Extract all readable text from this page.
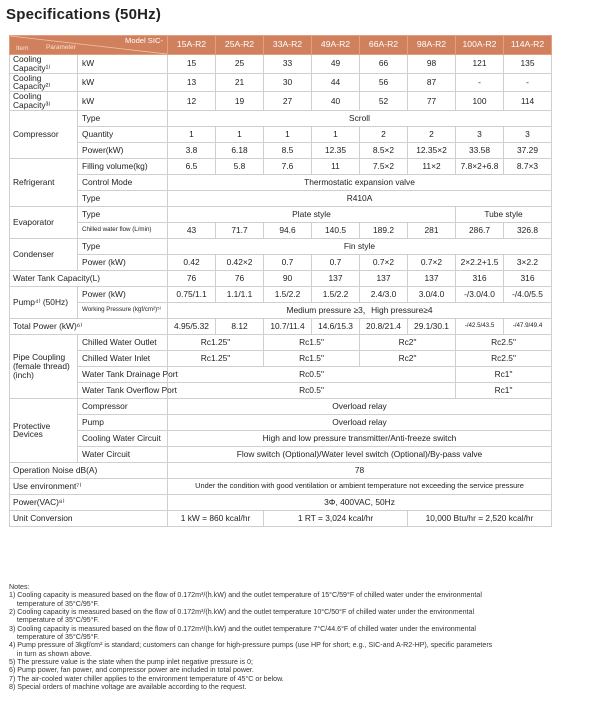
Specifications (50Hz)
Model SIC-
Parameter
Item		15A-R2	25A-R2	33A-R2	49A-R2	66A-R2	98A-R2	100A-R2	114A-R2
Cooling Capacity¹⁾	kW	15	25	33	49	66	98	121	135
Cooling Capacity²⁾	kW	13	21	30	44	56	87	-	-
Cooling Capacity³⁾	kW	12	19	27	40	52	77	100	114
Compressor	Type	Scroll							
	Quantity	1	1	1	1	2	2	3	3
	Power(kW)	3.8	6.18	8.5	12.35	8.5×2	12.35×2	33.58	37.29
Refrigerant	Filling volume(kg)	6.5	5.8	7.6	11	7.5×2	11×2	7.8×2+6.8	8.7×3
	Control Mode	Thermostatic expansion valve							
	Type	R410A							
Evaporator	Type	Plate style						Tube style	
	Chilled water flow (L/min)	43	71.7	94.6	140.5	189.2	281	286.7	326.8
Condenser	Type	Fin style							
	Power (kW)	0.42	0.42×2	0.7	0.7	0.7×2	0.7×2	2×2.2+1.5	3×2.2
Water Tank Capacity(L)		76	76	90	137	137	137	316	316
Pump⁴⁾ (50Hz)	Power (kW)	0.75/1.1	1.1/1.1	1.5/2.2	1.5/2.2	2.4/3.0	3.0/4.0	-/3.0/4.0	-/4.0/5.5
	Working Pressure (kgf/cm²)⁵⁾	Medium pressure ≥3，High pressure≥4							
Total Power (kW)⁶⁾		4.95/5.32	8.12	10.7/11.4	14.6/15.3	20.8/21.4	29.1/30.1	-/42.5/43.5	-/47.9/49.4
Pipe Coupling (female thread) (inch)	Chilled Water Outlet	Rc1.25"		Rc1.5"		Rc2"		Rc2.5"	
	Chilled Water Inlet	Rc1.25"		Rc1.5"		Rc2"		Rc2.5"	
	Water Tank Drainage Port	Rc0.5"						Rc1"	
	Water Tank Overflow Port	Rc0.5"						Rc1"	
Protective Devices	Compressor	Overload relay							
	Pump	Overload relay							
	Cooling Water Circuit	High and low pressure transmitter/Anti-freeze switch							
	Water Circuit	Flow switch (Optional)/Water level switch (Optional)/By-pass valve							
Operation Noise dB(A)		78							
Use environment⁷⁾		Under the condition with good ventilation or ambient temperature not exceeding the service pressure							
Power(VAC)⁸⁾		3Φ, 400VAC, 50Hz							
Unit Conversion		1 kW = 860 kcal/hr		1 RT = 3,024 kcal/hr			10,000 Btu/hr = 2,520 kcal/hr		
Notes:
1) Cooling capacity is measured based on the flow of 0.172m³/(h.kW) and the outlet temperature of 15°C/59°F of chilled water under the environmental
temperature of 35°C/95°F.
2) Cooling capacity is measured based on the flow of 0.172m³/(h.kW) and the outlet temperature 10°C/50°F of chilled water under the environmental
temperature of 35°C/95°F.
3) Cooling capacity is measured based on the flow of 0.172m³/(h.kW) and the outlet temperature 7°C/44.6°F of chilled water under the environmental
temperature of 35°C/95°F.
4) Pump pressure of 3kgf/cm² is standard; customers can change for high-pressure pumps (use HP for short; e.g., SIC-and A-R2-HP), specific parameters
in turn as shown above.
5) The pressure value is the state when the pump inlet negative pressure is 0;
6) Pump power, fan power, and compressor power are included in total power.
7) The air-cooled water chiller applies to the environment temperature of 45°C or below.
8) Special orders of machine voltage are available according to the request.
